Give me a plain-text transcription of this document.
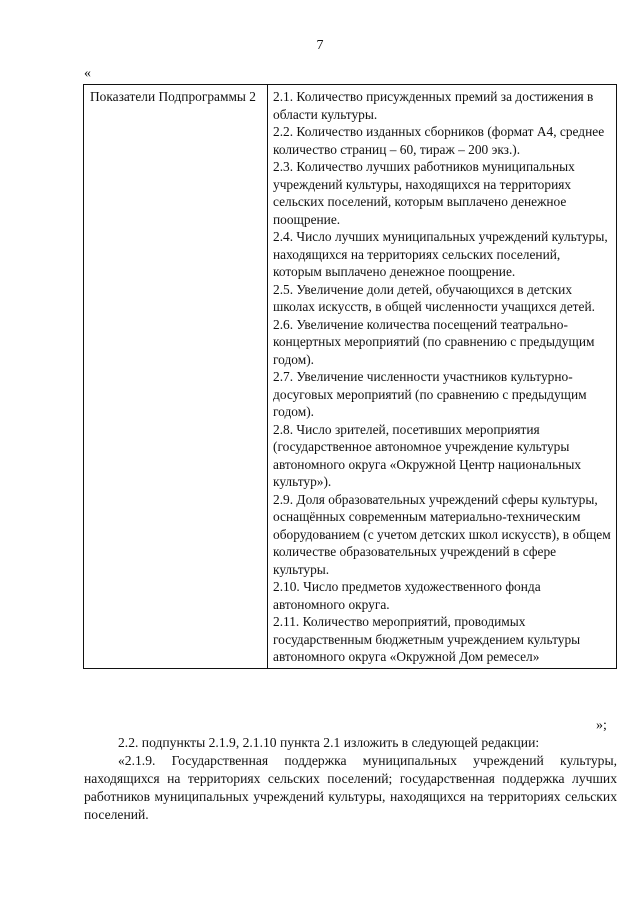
7
«
Показатели Подпрограммы 2	2.1. Количество присужденных премий за достижения в области культуры.

2.2. Количество изданных сборников (формат А4, среднее количество страниц – 60, тираж – 200 экз.).

2.3. Количество лучших работников муниципальных учреждений культуры, находящихся на территориях сельских поселений, которым выплачено денежное поощрение.

2.4. Число лучших муниципальных учреждений культуры, находящихся на территориях сельских поселений, которым выплачено денежное поощрение.

2.5. Увеличение доли детей, обучающихся в детских школах искусств, в общей численности учащихся детей.

2.6. Увеличение количества посещений театрально-концертных мероприятий (по сравнению с предыдущим годом).

2.7. Увеличение численности участников культурно-досуговых мероприятий (по сравнению с предыдущим годом).

2.8. Число зрителей, посетивших мероприятия (государственное автономное учреждение культуры автономного округа «Окружной Центр национальных культур»).

2.9. Доля образовательных учреждений сферы культуры, оснащённых современным материально-техническим оборудованием (с учетом детских школ искусств), в общем количестве образовательных учреждений в сфере культуры.

2.10. Число предметов художественного фонда автономного округа.

2.11. Количество мероприятий, проводимых государственным бюджетным учреждением культуры автономного округа «Окружной Дом ремесел»

»;

2.2. подпункты 2.1.9, 2.1.10 пункта 2.1 изложить в следующей редакции:

«2.1.9. Государственная поддержка муниципальных учреждений культуры, находящихся на территориях сельских поселений; государственная поддержка лучших работников муниципальных учреждений культуры, находящихся на территориях сельских поселений.
